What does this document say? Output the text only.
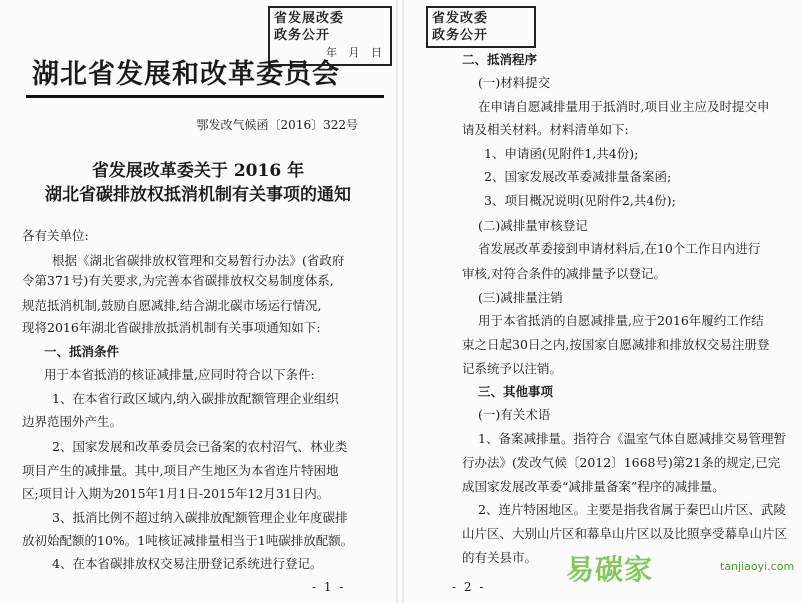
省发展改委
政务公开
年 月 日
湖北省发展和改革委员会
鄂发改气候函〔2016〕322号
省发展改革委关于 2016 年
湖北省碳排放权抵消机制有关事项的通知
各有关单位:
根据《湖北省碳排放权管理和交易暂行办法》(省政府
令第371号)有关要求,为完善本省碳排放权交易制度体系,
规范抵消机制,鼓励自愿减排,结合湖北碳市场运行情况,
现将2016年湖北省碳排放抵消机制有关事项通知如下:
一、抵消条件
用于本省抵消的核证减排量,应同时符合以下条件:
1、在本省行政区域内,纳入碳排放配额管理企业组织
边界范围外产生。
2、国家发展和改革委员会已备案的农村沼气、林业类
项目产生的减排量。其中,项目产生地区为本省连片特困地
区;项目计入期为2015年1月1日-2015年12月31日内。
3、抵消比例不超过纳入碳排放配额管理企业年度碳排
放初始配额的10%。1吨核证减排量相当于1吨碳排放配额。
4、在本省碳排放权交易注册登记系统进行登记。
- 1 -
省发改委
政务公开
二、抵消程序
(一)材料提交
在申请自愿减排量用于抵消时,项目业主应及时提交申
请及相关材料。材料清单如下:
1、申请函(见附件1,共4份);
2、国家发展改革委减排量备案函;
3、项目概况说明(见附件2,共4份);
(二)减排量审核登记
省发展改革委接到申请材料后,在10个工作日内进行
审核,对符合条件的减排量予以登记。
(三)减排量注销
用于本省抵消的自愿减排量,应于2016年履约工作结
束之日起30日之内,按国家自愿减排和排放权交易注册登
记系统予以注销。
三、其他事项
(一)有关术语
1、备案减排量。指符合《温室气体自愿减排交易管理暂
行办法》(发改气候〔2012〕1668号)第21条的规定,已完
成国家发展改革委“减排量备案”程序的减排量。
2、连片特困地区。主要是指我省属于秦巴山片区、武陵
山片区、大别山片区和幕阜山片区以及比照享受幕阜山片区
的有关县市。
- 2 -
易碳家	tanjiaoyi.com
